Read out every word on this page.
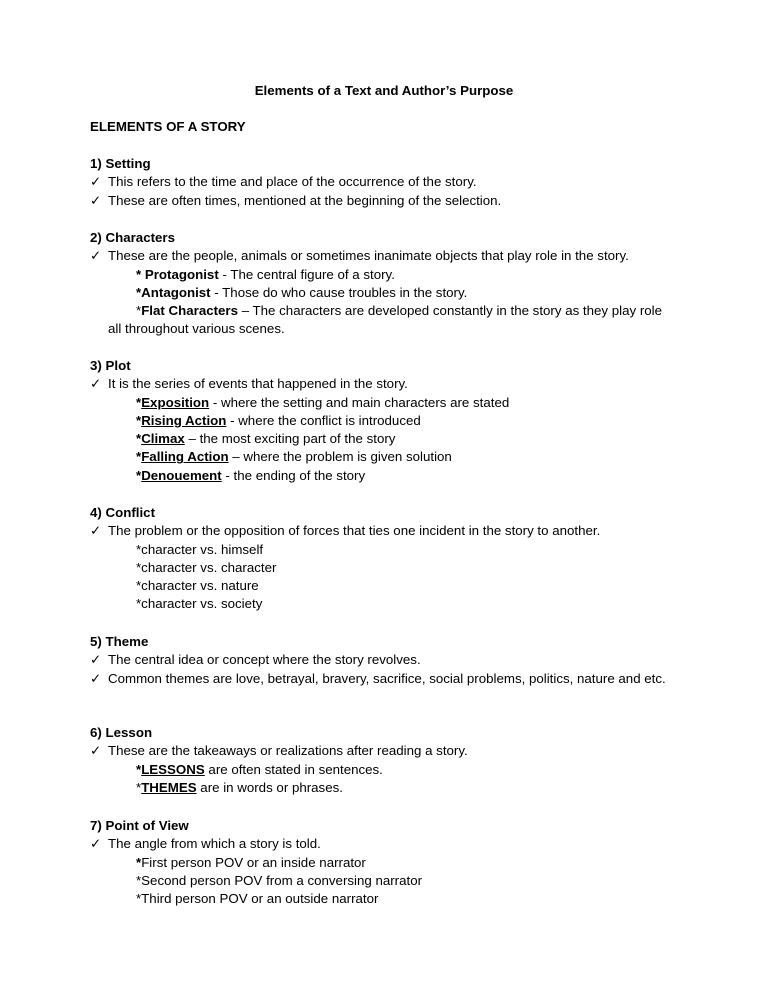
Elements of a Text and Author’s Purpose
ELEMENTS OF A STORY
1) Setting
✓ This refers to the time and place of the occurrence of the story.
✓ These are often times, mentioned at the beginning of the selection.
2) Characters
✓ These are the people, animals or sometimes inanimate objects that play role in the story.
* Protagonist - The central figure of a story.
*Antagonist - Those do who cause troubles in the story.
*Flat Characters – The characters are developed constantly in the story as they play role
all throughout various scenes.
3) Plot
✓ It is the series of events that happened in the story.
*Exposition - where the setting and main characters are stated
*Rising Action - where the conflict is introduced
*Climax – the most exciting part of the story
*Falling Action – where the problem is given solution
*Denouement - the ending of the story
4) Conflict
✓ The problem or the opposition of forces that ties one incident in the story to another.
*character vs. himself
*character vs. character
*character vs. nature
*character vs. society
5) Theme
✓ The central idea or concept where the story revolves.
✓ Common themes are love, betrayal, bravery, sacrifice, social problems, politics, nature and etc.
6) Lesson
✓ These are the takeaways or realizations after reading a story.
*LESSONS are often stated in sentences.
*THEMES are in words or phrases.
7) Point of View
✓ The angle from which a story is told.
*First person POV or an inside narrator
*Second person POV from a conversing narrator
*Third person POV or an outside narrator
